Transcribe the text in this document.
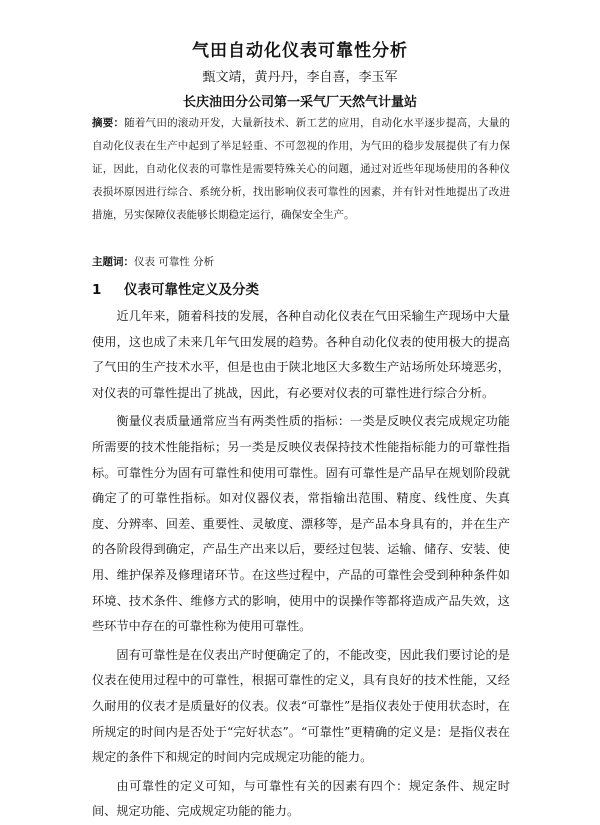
气田自动化仪表可靠性分析
甄文靖，黄丹丹，李自喜，李玉军
长庆油田分公司第一采气厂天然气计量站
摘要：随着气田的滚动开发，大量新技术、新工艺的应用，自动化水平逐步提高，大量的自动化仪表在生产中起到了举足轻重、不可忽视的作用，为气田的稳步发展提供了有力保证，因此，自动化仪表的可靠性是需要特殊关心的问题，通过对近些年现场使用的各种仪表损坏原因进行综合、系统分析，找出影响仪表可靠性的因素，并有针对性地提出了改进措施，另实保障仪表能够长期稳定运行，确保安全生产。
主题词：仪表 可靠性 分析
1 仪表可靠性定义及分类

近几年来，随着科技的发展，各种自动化仪表在气田采输生产现场中大量使用，这也成了未来几年气田发展的趋势。各种自动化仪表的使用极大的提高了气田的生产技术水平，但是也由于陕北地区大多数生产站场所处环境恶劣，对仪表的可靠性提出了挑战，因此，有必要对仪表的可靠性进行综合分析。

衡量仪表质量通常应当有两类性质的指标：一类是反映仪表完成规定功能所需要的技术性能指标；另一类是反映仪表保持技术性能指标能力的可靠性指标。可靠性分为固有可靠性和使用可靠性。固有可靠性是产品早在规划阶段就确定了的可靠性指标。如对仪器仪表，常指输出范围、精度、线性度、失真度、分辨率、回差、重要性、灵敏度、漂移等，是产品本身具有的，并在生产的各阶段得到确定，产品生产出来以后，要经过包装、运输、储存、安装、使用、维护保养及修理诸环节。在这些过程中，产品的可靠性会受到种种条件如环境、技术条件、维修方式的影响，使用中的误操作等都将造成产品失效，这些环节中存在的可靠性称为使用可靠性。

固有可靠性是在仪表出产时便确定了的，不能改变，因此我们要讨论的是仪表在使用过程中的可靠性，根据可靠性的定义，具有良好的技术性能，又经久耐用的仪表才是质量好的仪表。仪表“可靠性”是指仪表处于使用状态时，在所规定的时间内是否处于“完好状态”。“可靠性”更精确的定义是：是指仪表在规定的条件下和规定的时间内完成规定功能的能力。

由可靠性的定义可知，与可靠性有关的因素有四个：规定条件、规定时间、规定功能、完成规定功能的能力。
